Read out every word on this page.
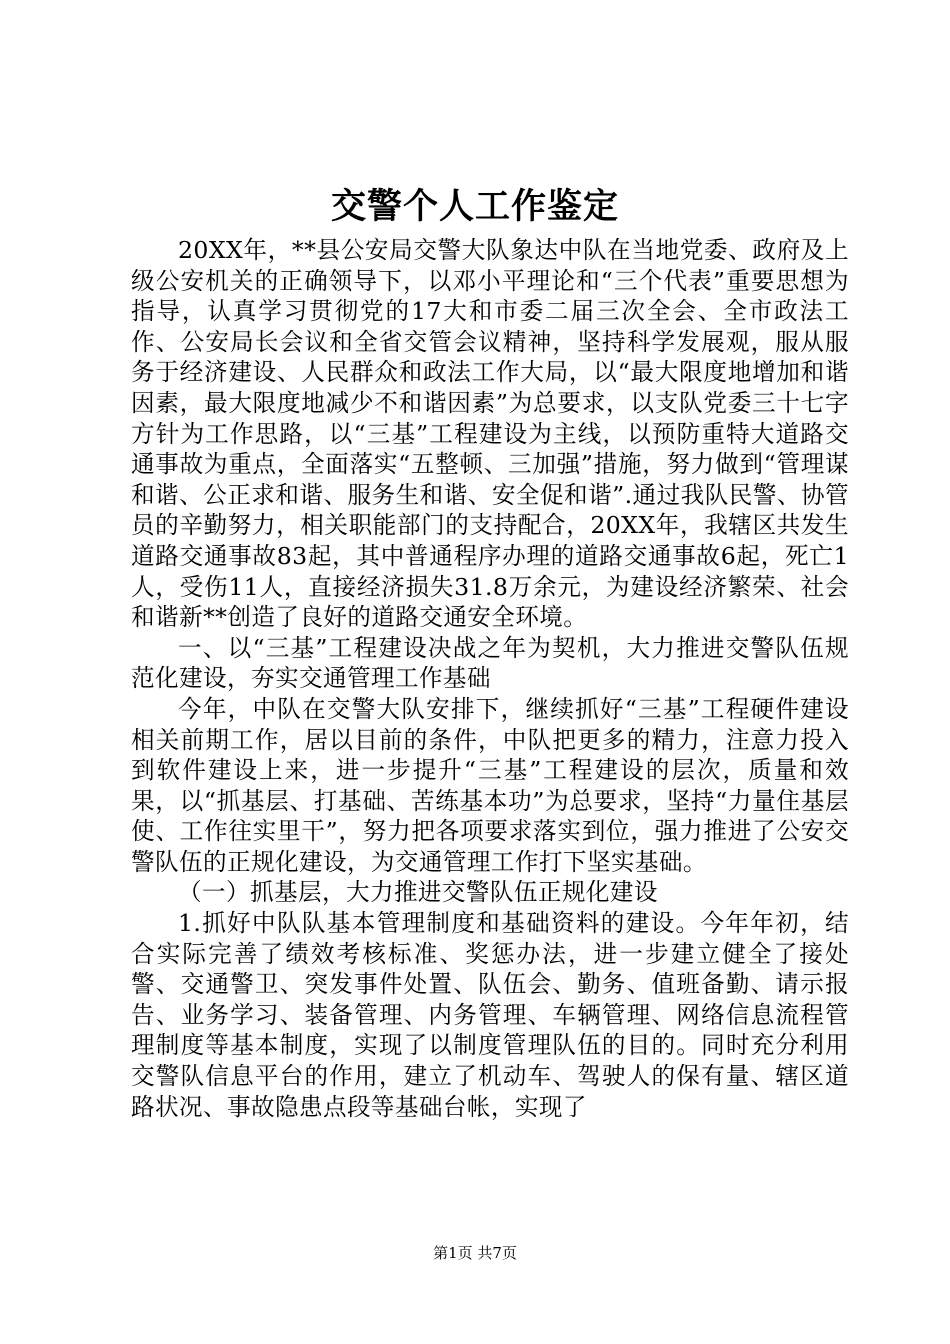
交警个人工作鉴定

20XX年，**县公安局交警大队象达中队在当地党委、政府及上级公安机关的正确领导下，以邓小平理论和“三个代表”重要思想为指导，认真学习贯彻党的17大和市委二届三次全会、全市政法工作、公安局长会议和全省交管会议精神，坚持科学发展观，服从服务于经济建设、人民群众和政法工作大局，以“最大限度地增加和谐因素，最大限度地减少不和谐因素”为总要求，以支队党委三十七字方针为工作思路，以“三基”工程建设为主线，以预防重特大道路交通事故为重点，全面落实“五整顿、三加强”措施，努力做到“管理谋和谐、公正求和谐、服务生和谐、安全促和谐”.通过我队民警、协管员的辛勤努力，相关职能部门的支持配合，20XX年，我辖区共发生道路交通事故83起，其中普通程序办理的道路交通事故6起，死亡1人，受伤11人，直接经济损失31.8万余元，为建设经济繁荣、社会和谐新**创造了良好的道路交通安全环境。

一、以“三基”工程建设决战之年为契机，大力推进交警队伍规范化建设，夯实交通管理工作基础

今年，中队在交警大队安排下，继续抓好“三基”工程硬件建设相关前期工作，居以目前的条件，中队把更多的精力，注意力投入到软件建设上来，进一步提升“三基”工程建设的层次，质量和效果，以“抓基层、打基础、苦练基本功”为总要求，坚持“力量住基层使、工作往实里干”，努力把各项要求落实到位，强力推进了公安交警队伍的正规化建设，为交通管理工作打下坚实基础。

（一）抓基层，大力推进交警队伍正规化建设

1.抓好中队队基本管理制度和基础资料的建设。今年年初，结合实际完善了绩效考核标准、奖惩办法，进一步建立健全了接处警、交通警卫、突发事件处置、队伍会、勤务、值班备勤、请示报告、业务学习、装备管理、内务管理、车辆管理、网络信息流程管理制度等基本制度，实现了以制度管理队伍的目的。同时充分利用交警队信息平台的作用，建立了机动车、驾驶人的保有量、辖区道路状况、事故隐患点段等基础台帐，实现了

第1页 共7页
